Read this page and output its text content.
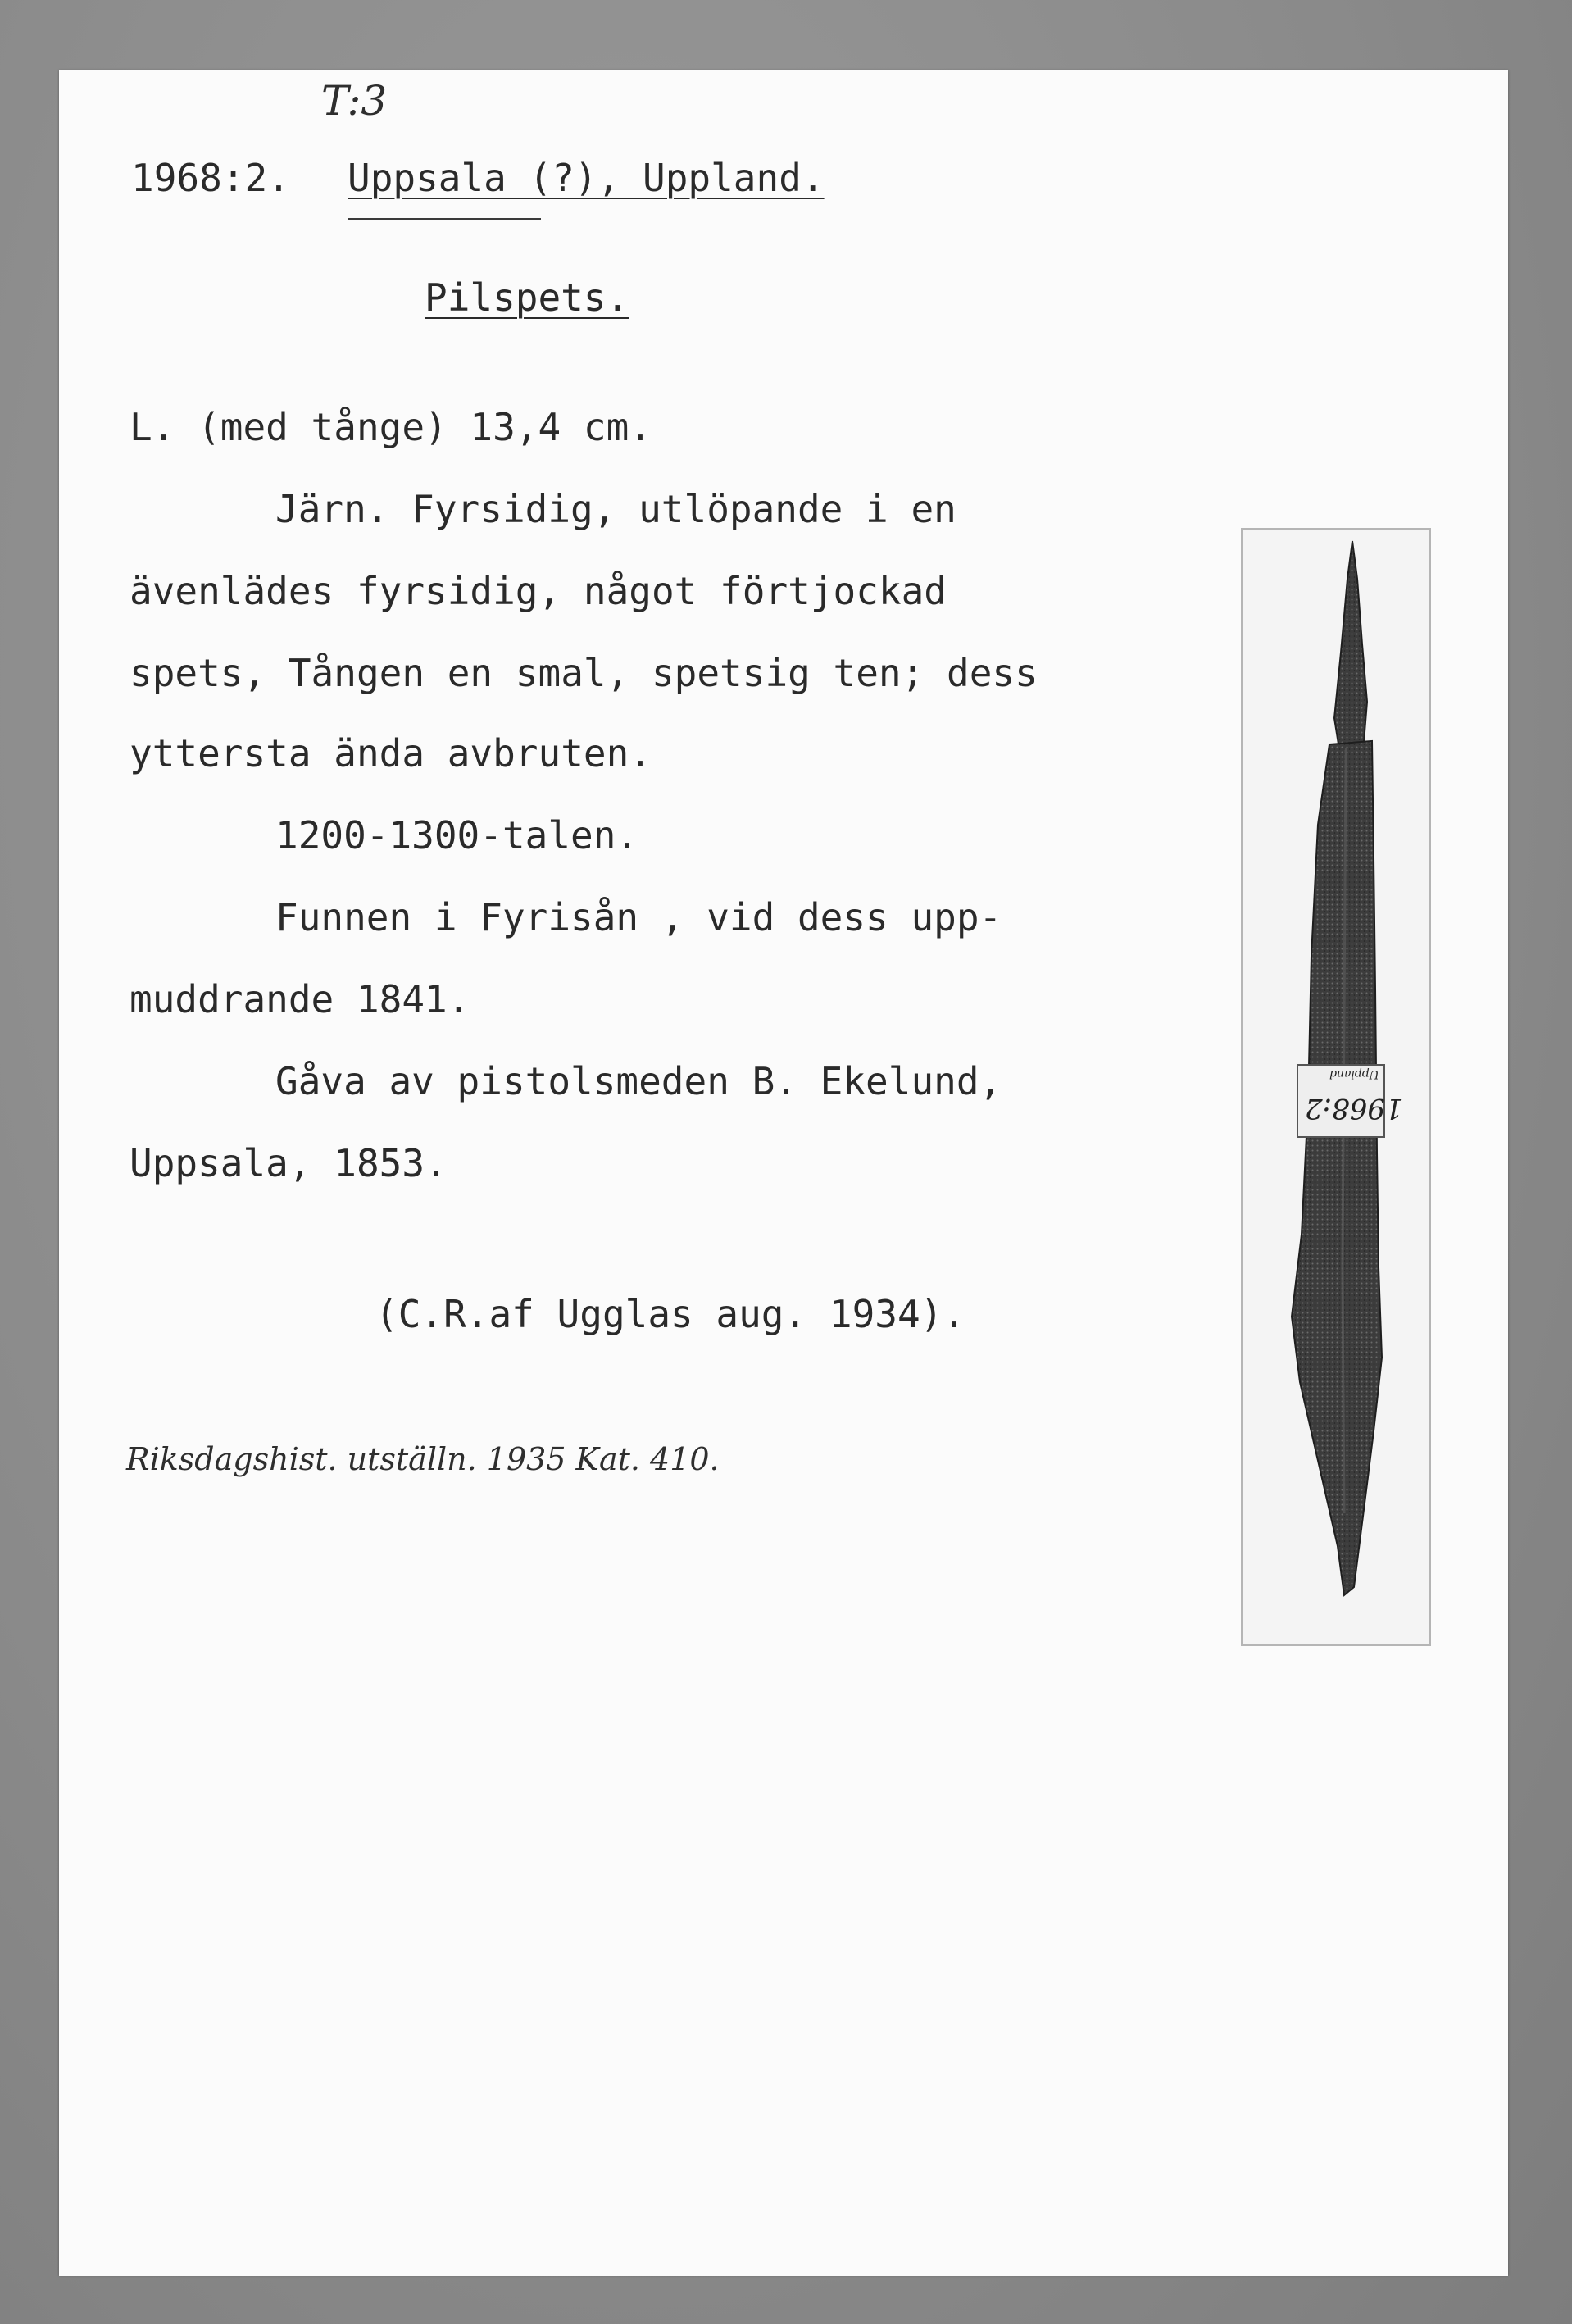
T:3
1968:2. Uppsala (?), Uppland.
Pilspets.
L. (med tånge) 13,4 cm.
Järn. Fyrsidig, utlöpande i en
ävenlädes fyrsidig, något förtjockad
spets, Tången en smal, spetsig ten; dess
yttersta ända avbruten.
1200-1300-talen.
Funnen i Fyrisån , vid dess upp-
muddrande 1841.
Gåva av pistolsmeden B. Ekelund,
Uppsala, 1853.
(C.R.af Ugglas aug. 1934).
Riksdagshist. utställn. 1935 Kat. 410.
Uppland
1968:2
